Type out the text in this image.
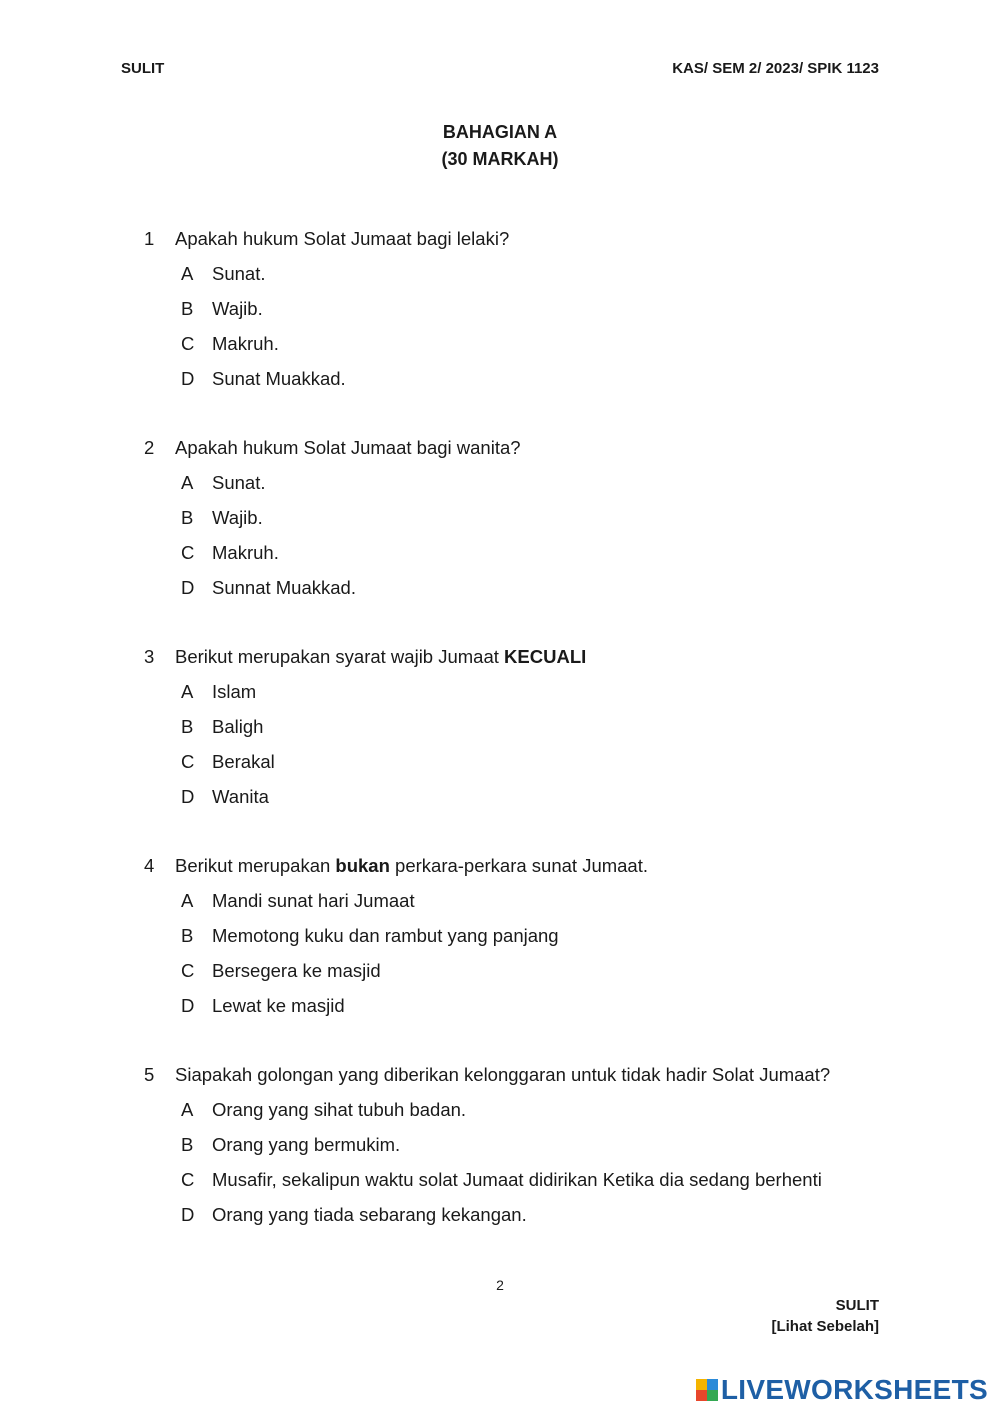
SULIT	KAS/ SEM 2/ 2023/ SPIK 1123
BAHAGIAN A
(30 MARKAH)
1 Apakah hukum Solat Jumaat bagi lelaki?
A Sunat.
B Wajib.
C Makruh.
D Sunat Muakkad.
2 Apakah hukum Solat Jumaat bagi wanita?
A Sunat.
B Wajib.
C Makruh.
D Sunnat Muakkad.
3 Berikut merupakan syarat wajib Jumaat KECUALI
A Islam
B Baligh
C Berakal
D Wanita
4 Berikut merupakan bukan perkara-perkara sunat Jumaat.
A Mandi sunat hari Jumaat
B Memotong kuku dan rambut yang panjang
C Bersegera ke masjid
D Lewat ke masjid
5 Siapakah golongan yang diberikan kelonggaran untuk tidak hadir Solat Jumaat?
A Orang yang sihat tubuh badan.
B Orang yang bermukim.
C Musafir, sekalipun waktu solat Jumaat didirikan Ketika dia sedang berhenti
D Orang yang tiada sebarang kekangan.
2
SULIT
[Lihat Sebelah]
LIVEWORKSHEETS
